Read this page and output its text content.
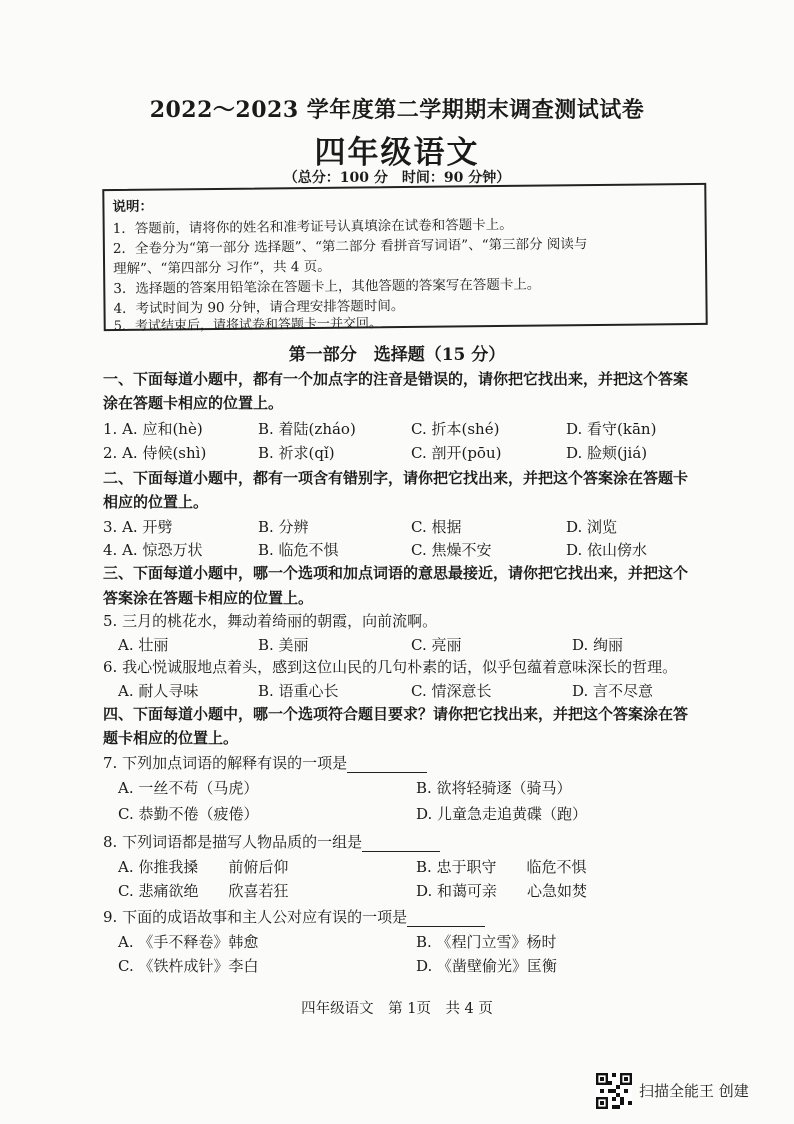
2022～2023 学年度第二学期期末调查测试试卷
四年级语文
（总分：100 分　时间：90 分钟）
说明：
1．答题前，请将你的姓名和准考证号认真填涂在试卷和答题卡上。
2．全卷分为“第一部分 选择题”、“第二部分 看拼音写词语”、“第三部分 阅读与
理解”、“第四部分 习作”，共 4 页。
3．选择题的答案用铅笔涂在答题卡上，其他答题的答案写在答题卡上。
4．考试时间为 90 分钟，请合理安排答题时间。
5．考试结束后，请将试卷和答题卡一并交回。
第一部分　选择题（15 分）
一、下面每道小题中，都有一个加点字的注音是错误的，请你把它找出来，并把这个答案
涂在答题卡相应的位置上。
1. A. 应和(hè)	B. 着陆(zháo)	C. 折本(shé)	D. 看守(kān)
2. A. 侍候(shì)	B. 祈求(qǐ)	C. 剖开(pōu)	D. 脸颊(jiá)
二、下面每道小题中，都有一项含有错别字，请你把它找出来，并把这个答案涂在答题卡
相应的位置上。
3. A. 开劈	B. 分辨	C. 根据	D. 浏览
4. A. 惊恐万状	B. 临危不惧	C. 焦燥不安	D. 依山傍水
三、下面每道小题中，哪一个选项和加点词语的意思最接近，请你把它找出来，并把这个
答案涂在答题卡相应的位置上。
5. 三月的桃花水，舞动着绮丽的朝霞，向前流啊。
A. 壮丽	B. 美丽	C. 亮丽	D. 绚丽
6. 我心悦诚服地点着头，感到这位山民的几句朴素的话，似乎包蕴着意味深长的哲理。
A. 耐人寻味	B. 语重心长	C. 情深意长	D. 言不尽意
四、下面每道小题中，哪一个选项符合题目要求？请你把它找出来，并把这个答案涂在答
题卡相应的位置上。
7. 下列加点词语的解释有误的一项是
A. 一丝不苟（马虎）	B. 欲将轻骑逐（骑马）
C. 恭勤不倦（疲倦）	D. 儿童急走追黄碟（跑）
8. 下列词语都是描写人物品质的一组是
A. 你推我搡　　前俯后仰	B. 忠于职守　　临危不惧
C. 悲痛欲绝　　欣喜若狂	D. 和蔼可亲　　心急如焚
9. 下面的成语故事和主人公对应有误的一项是
A. 《手不释卷》韩愈	B. 《程门立雪》杨时
C. 《铁杵成针》李白	D. 《凿壁偷光》匡衡
四年级语文　第 1页　共 4 页
扫描全能王 创建
